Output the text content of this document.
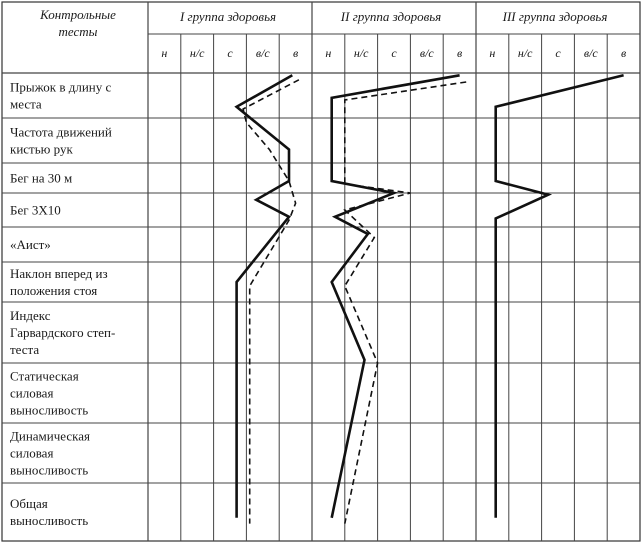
Контрольные
тесты
I группа здоровья	II группа здоровья	III группа здоровья
н н/с с в/с в н н/с с в/с в н н/с с в/с в
Прыжок в длину с
места
Частота движений
кистью рук
Бег на 30 м
Бег 3Х10
«Аист»
Наклон вперед из
положения стоя
Индекс
Гарвардского степ-
теста
Статическая
силовая
выносливость
Динамическая
силовая
выносливость
Общая
выносливость
